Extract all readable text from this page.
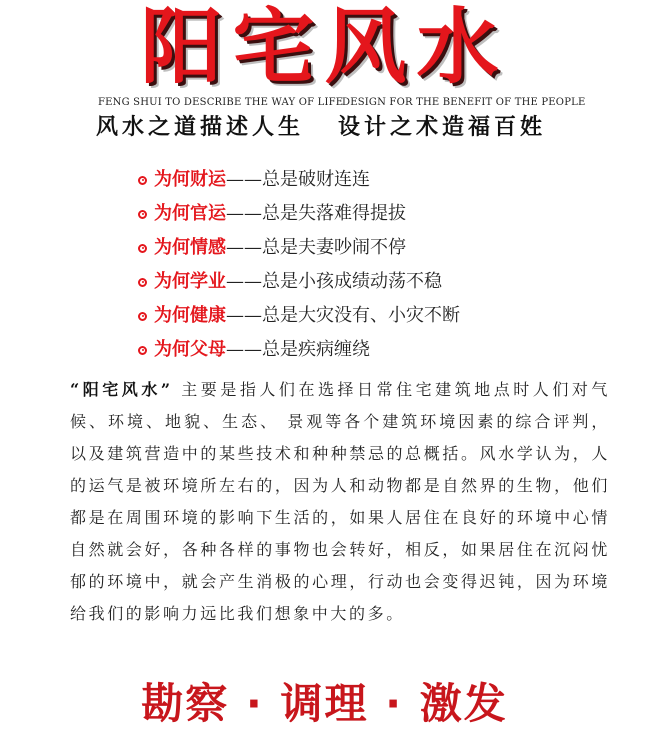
阳宅风水
FENG SHUI TO DESCRIBE THE WAY OF LIFE
DESIGN FOR THE BENEFIT OF THE PEOPLE
风水之道描述人生 设计之术造福百姓
为何财运 ——总是破财连连
为何官运 ——总是失落难得提拔
为何情感 ——总是夫妻吵闹不停
为何学业 ——总是小孩成绩动荡不稳
为何健康 ——总是大灾没有、小灾不断
为何父母 ——总是疾病缠绕

“阳宅风水” 主要是指人们在选择日常住宅建筑地点时人们对气候、环境、地貌、生态、 景观等各个建筑环境因素的综合评判，以及建筑营造中的某些技术和种种禁忌的总概括。风水学认为，人的运气是被环境所左右的，因为人和动物都是自然界的生物，他们都是在周围环境的影响下生活的，如果人居住在良好的环境中心情自然就会好，各种各样的事物也会转好，相反，如果居住在沉闷忧郁的环境中，就会产生消极的心理，行动也会变得迟钝，因为环境给我们的影响力远比我们想象中大的多。

勘察 · 调理 · 激发
